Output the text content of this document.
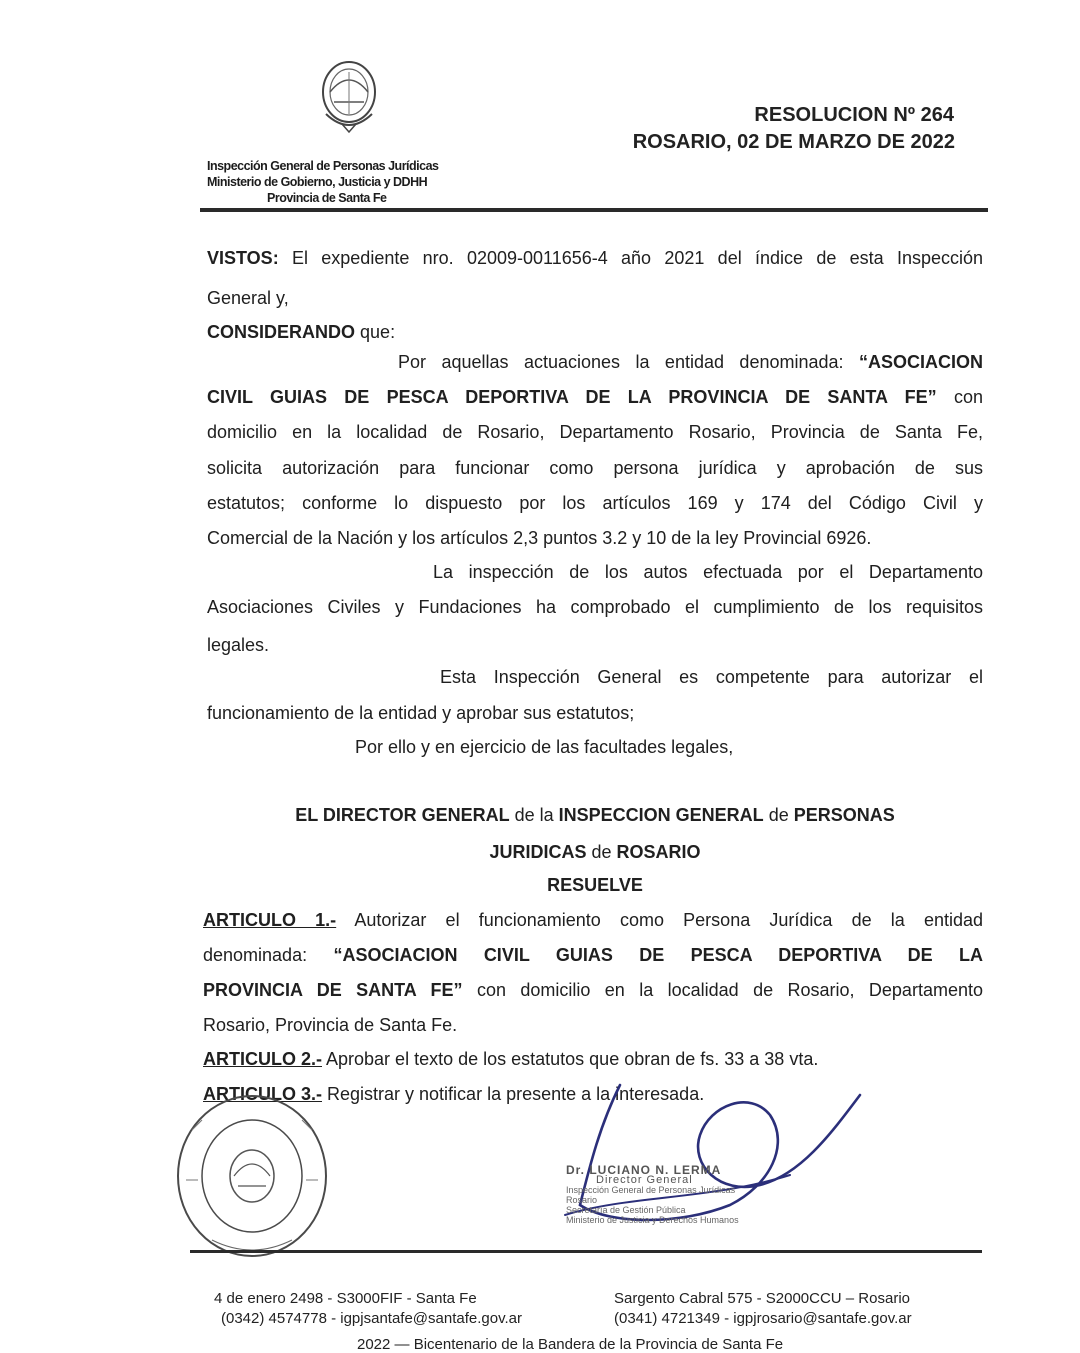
Inspección General de Personas Jurídicas
Ministerio de Gobierno, Justicia y DDHH
Provincia de Santa Fe
RESOLUCION Nº 264
ROSARIO, 02 DE MARZO DE 2022
VISTOS: El expediente nro. 02009-0011656-4 año 2021 del índice de esta Inspección
General y,
CONSIDERANDO que:
Por aquellas actuaciones la entidad denominada: “ASOCIACION
CIVIL GUIAS DE PESCA DEPORTIVA DE LA PROVINCIA DE SANTA FE” con
domicilio en la localidad de Rosario, Departamento Rosario, Provincia de Santa Fe,
solicita autorización para funcionar como persona jurídica y aprobación de sus
estatutos; conforme lo dispuesto por los artículos 169 y 174 del Código Civil y
Comercial de la Nación y los artículos 2,3 puntos 3.2 y 10 de la ley Provincial 6926.
La inspección de los autos efectuada por el Departamento
Asociaciones Civiles y Fundaciones ha comprobado el cumplimiento de los requisitos
legales.
Esta Inspección General es competente para autorizar el
funcionamiento de la entidad y aprobar sus estatutos;
Por ello y en ejercicio de las facultades legales,
EL DIRECTOR GENERAL de la INSPECCION GENERAL de PERSONAS
JURIDICAS de ROSARIO
RESUELVE
ARTICULO 1.- Autorizar el funcionamiento como Persona Jurídica de la entidad
denominada: “ASOCIACION CIVIL GUIAS DE PESCA DEPORTIVA DE LA
PROVINCIA DE SANTA FE” con domicilio en la localidad de Rosario, Departamento
Rosario, Provincia de Santa Fe.
ARTICULO 2.- Aprobar el texto de los estatutos que obran de fs. 33 a 38 vta.
ARTICULO 3.- Registrar y notificar la presente a la interesada.
Dr. LUCIANO N. LERMA
Director General
Inspección General de Personas Jurídicas Rosario
Secretaría de Gestión Pública
Ministerio de Justicia y Derechos Humanos
4 de enero 2498 - S3000FIF - Santa Fe
(0342) 4574778 - igpjsantafe@santafe.gov.ar
Sargento Cabral 575 - S2000CCU – Rosario
(0341) 4721349 - igpjrosario@santafe.gov.ar
2022 — Bicentenario de la Bandera de la Provincia de Santa Fe
